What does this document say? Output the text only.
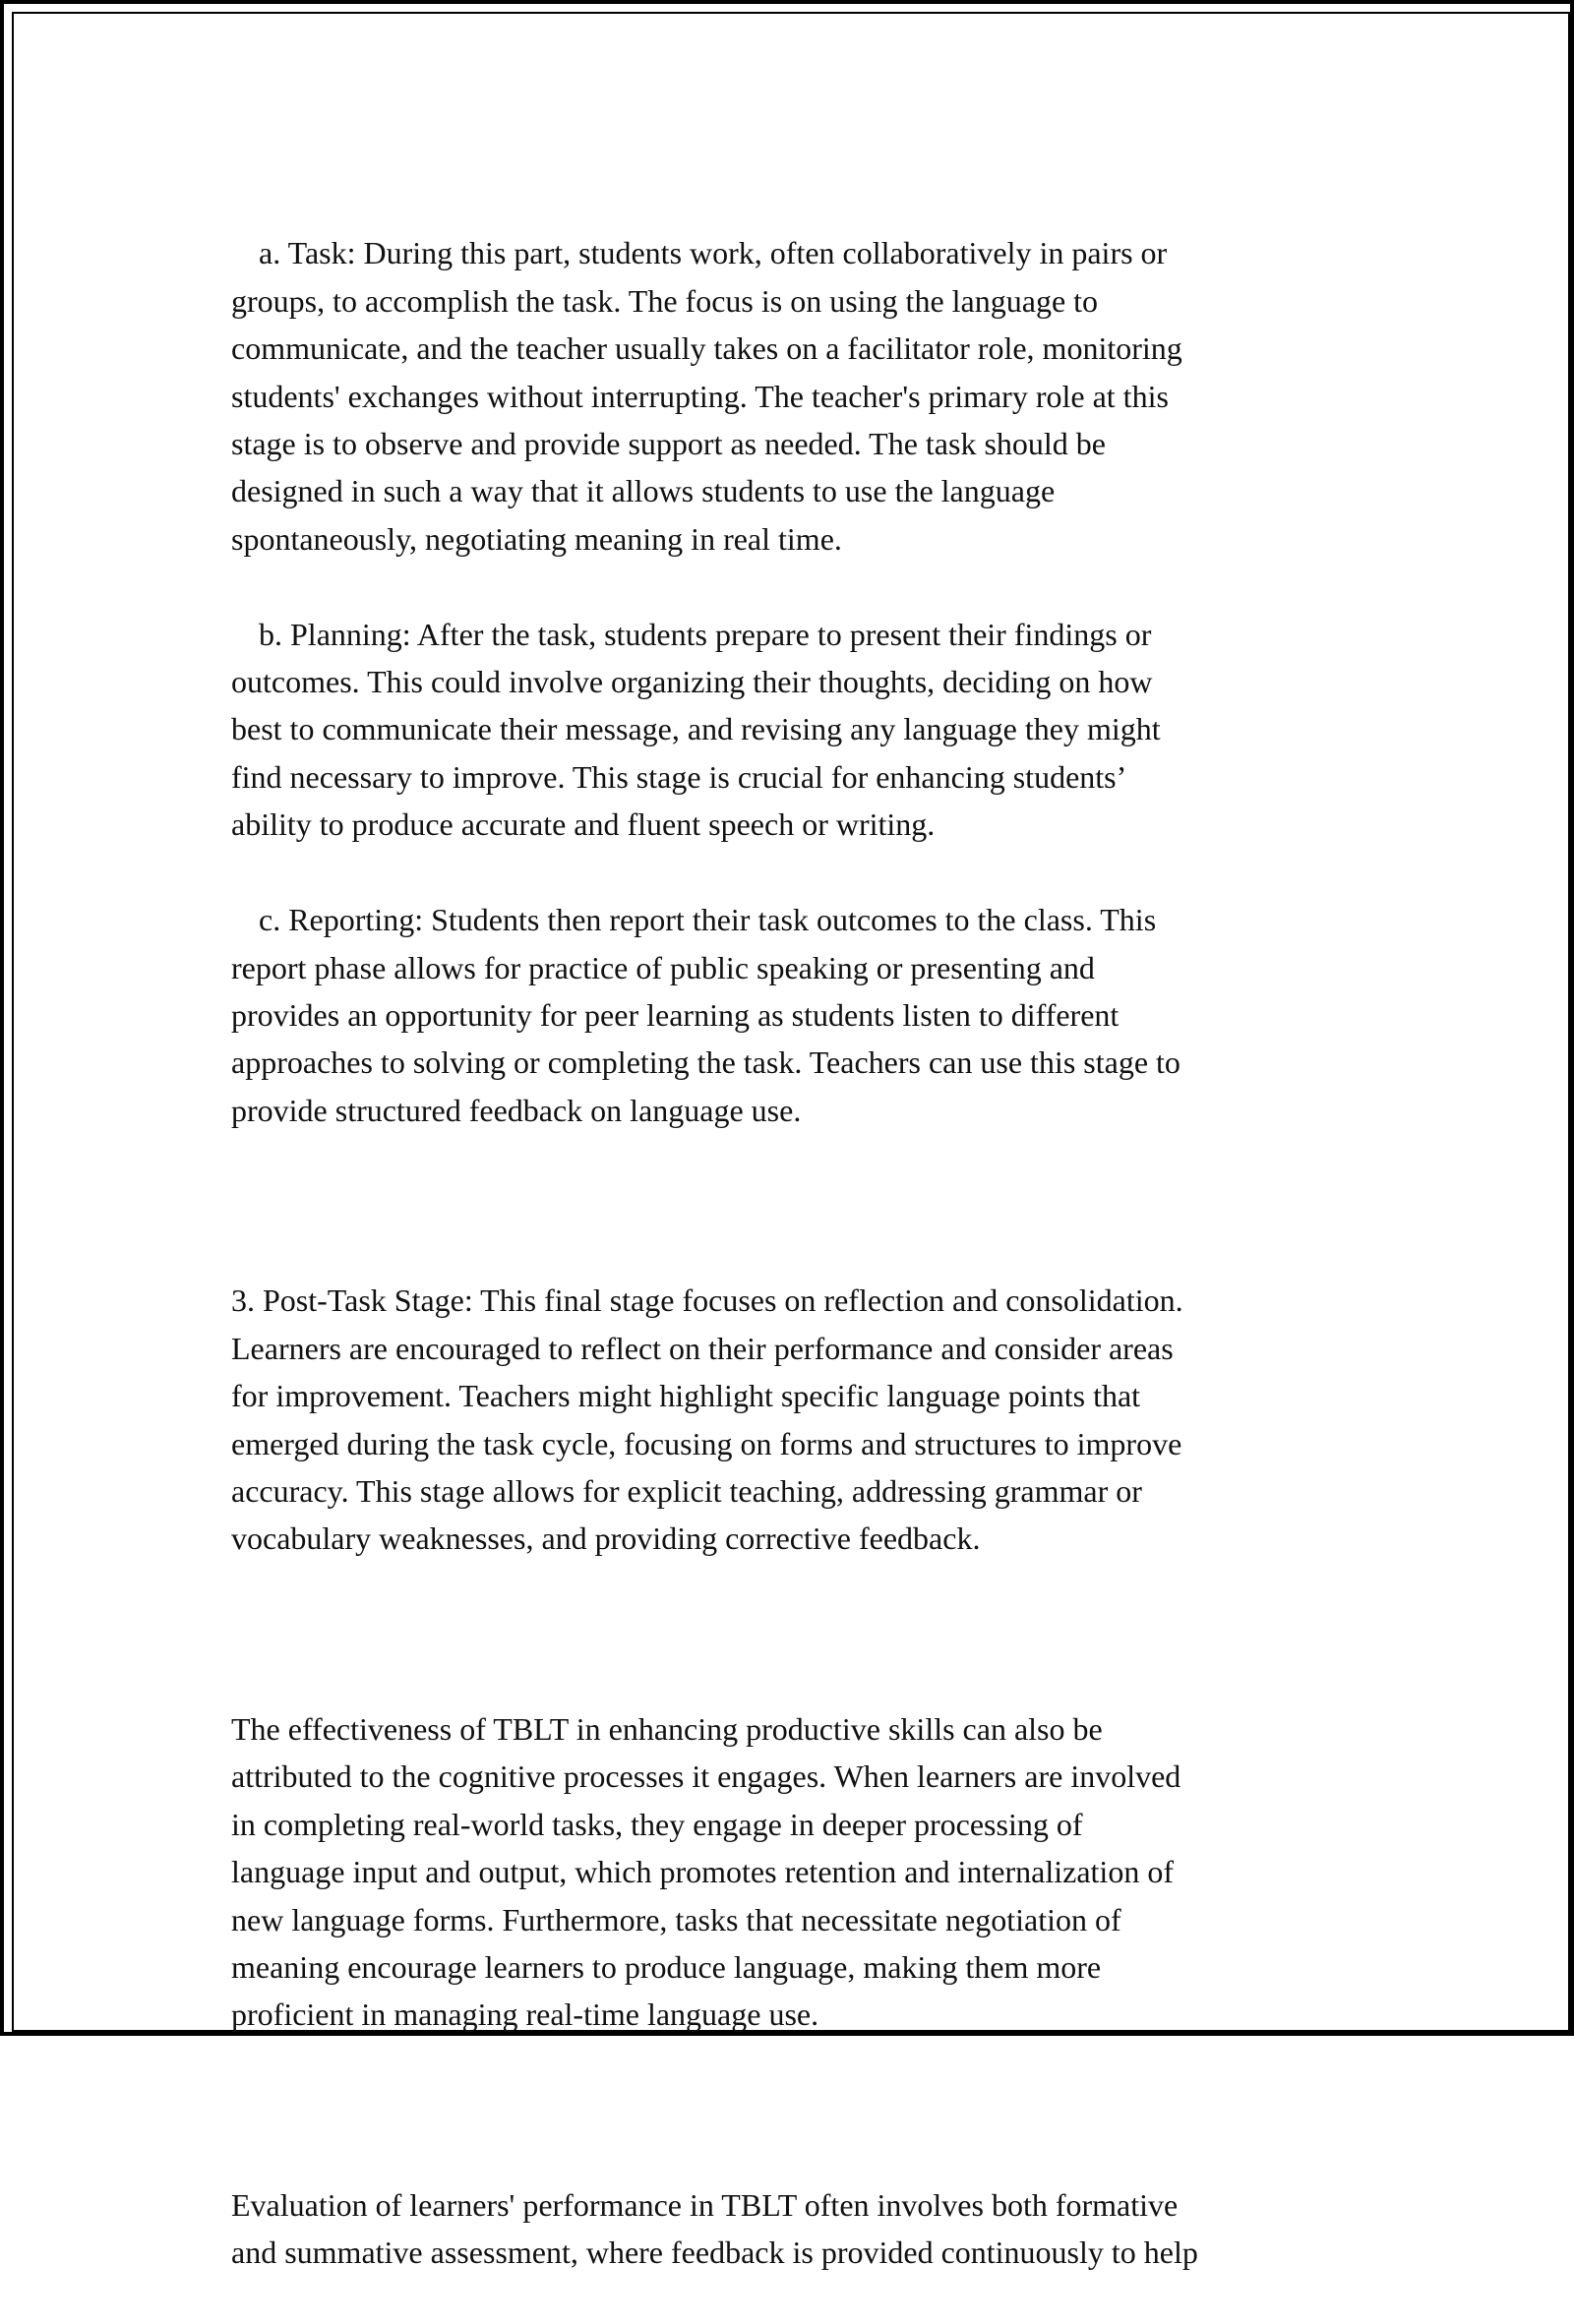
a. Task: During this part, students work, often collaboratively in pairs or
groups, to accomplish the task. The focus is on using the language to
communicate, and the teacher usually takes on a facilitator role, monitoring
students' exchanges without interrupting. The teacher's primary role at this
stage is to observe and provide support as needed. The task should be
designed in such a way that it allows students to use the language
spontaneously, negotiating meaning in real time.

b. Planning: After the task, students prepare to present their findings or
outcomes. This could involve organizing their thoughts, deciding on how
best to communicate their message, and revising any language they might
find necessary to improve. This stage is crucial for enhancing students’
ability to produce accurate and fluent speech or writing.

c. Reporting: Students then report their task outcomes to the class. This
report phase allows for practice of public speaking or presenting and
provides an opportunity for peer learning as students listen to different
approaches to solving or completing the task. Teachers can use this stage to
provide structured feedback on language use.

3. Post-Task Stage: This final stage focuses on reflection and consolidation.
Learners are encouraged to reflect on their performance and consider areas
for improvement. Teachers might highlight specific language points that
emerged during the task cycle, focusing on forms and structures to improve
accuracy. This stage allows for explicit teaching, addressing grammar or
vocabulary weaknesses, and providing corrective feedback.

The effectiveness of TBLT in enhancing productive skills can also be
attributed to the cognitive processes it engages. When learners are involved
in completing real-world tasks, they engage in deeper processing of
language input and output, which promotes retention and internalization of
new language forms. Furthermore, tasks that necessitate negotiation of
meaning encourage learners to produce language, making them more
proficient in managing real-time language use.

Evaluation of learners' performance in TBLT often involves both formative
and summative assessment, where feedback is provided continuously to help
